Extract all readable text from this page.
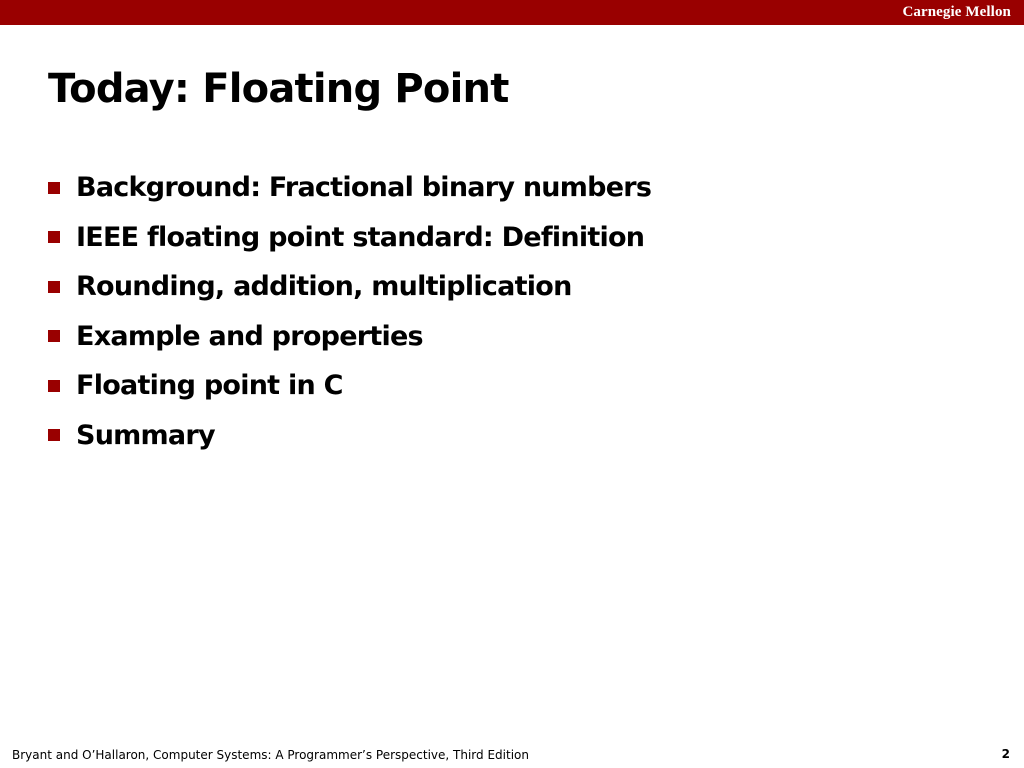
Carnegie Mellon
Today: Floating Point
Background: Fractional binary numbers
IEEE floating point standard: Definition
Rounding, addition, multiplication
Example and properties
Floating point in C
Summary
Bryant and O’Hallaron, Computer Systems: A Programmer’s Perspective, Third Edition	2
